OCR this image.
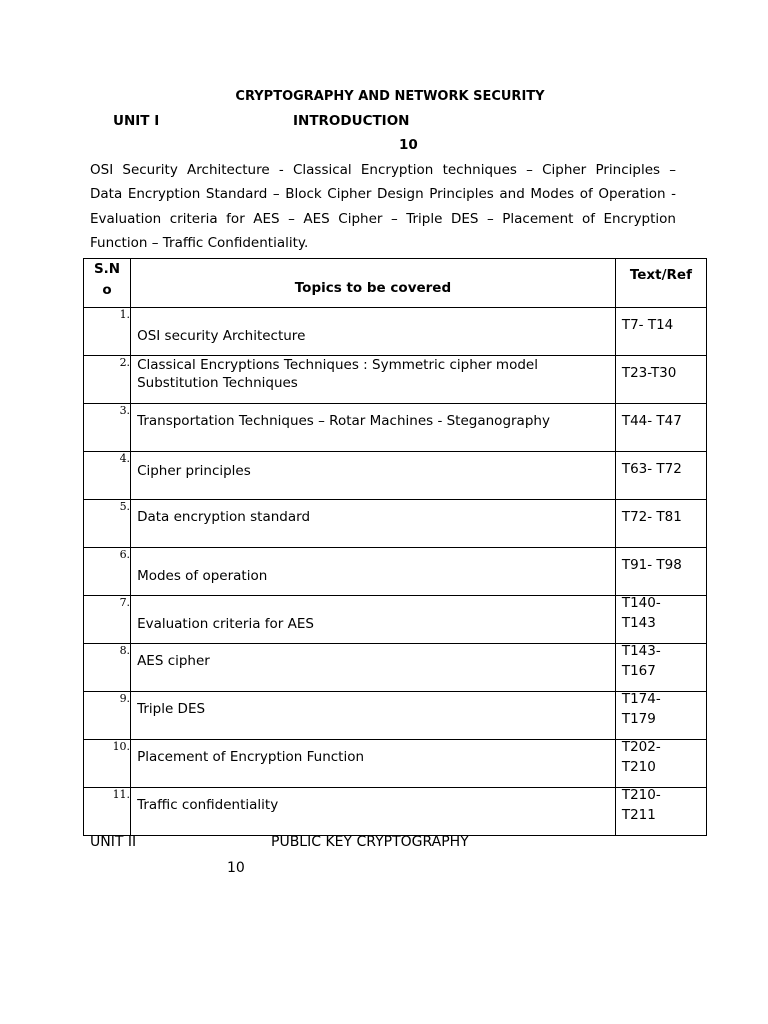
CRYPTOGRAPHY AND NETWORK SECURITY
UNIT I	INTRODUCTION
10
OSI Security Architecture - Classical Encryption techniques – Cipher Principles –
Data Encryption Standard – Block Cipher Design Principles and Modes of Operation -
Evaluation criteria for AES – AES Cipher – Triple DES – Placement of Encryption
Function – Traffic Confidentiality.
S.N
o	Topics to be covered	Text/Ref

1.	OSI security Architecture	T7- T14

2.	Classical Encryptions Techniques : Symmetric cipher model
Substitution Techniques	T23-T30

3.	Transportation Techniques – Rotar Machines - Steganography	T44- T47

4.	Cipher principles	T63- T72

5.	Data encryption standard	T72- T81

6.	Modes of operation	T91- T98

7.	Evaluation criteria for AES	T140-
T143

8.	AES cipher	T143-
T167

9.	Triple DES	T174-
T179

10.	Placement of Encryption Function	T202-
T210

11.	Traffic confidentiality	T210-
T211
UNIT II	PUBLIC KEY CRYPTOGRAPHY
10
